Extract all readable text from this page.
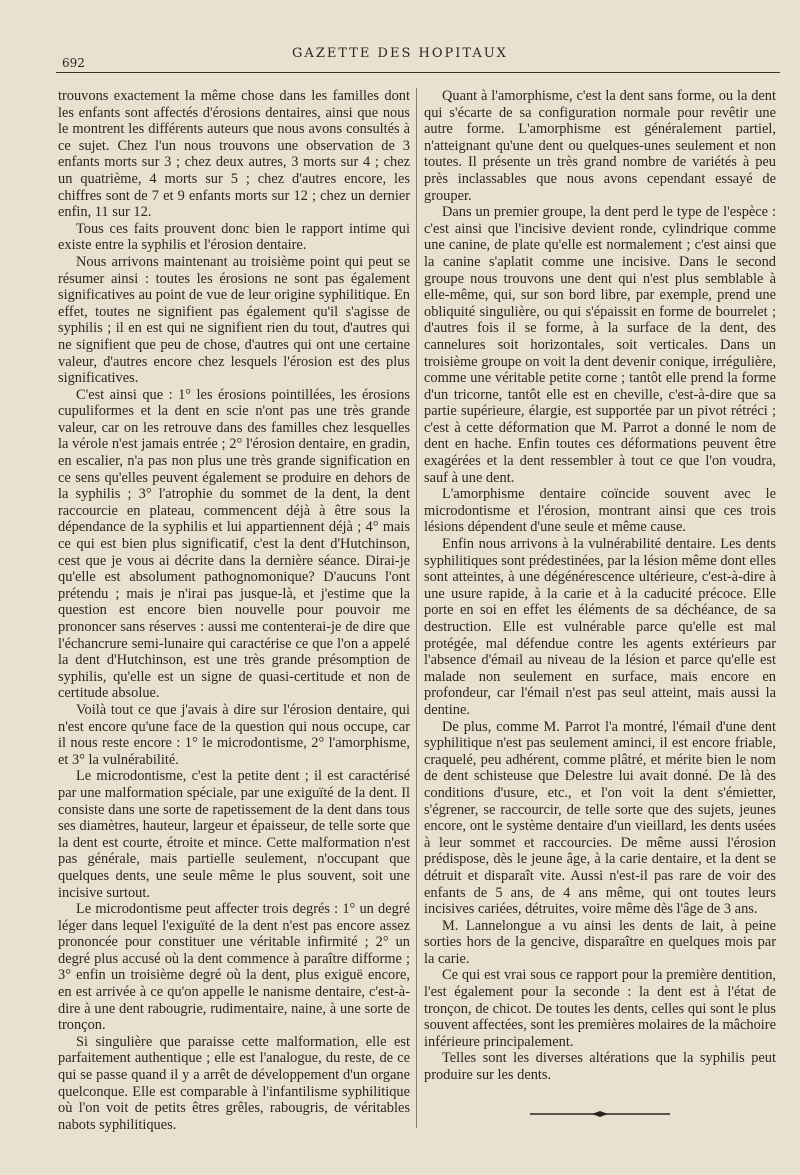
692
GAZETTE DES HOPITAUX

trouvons exactement la même chose dans les familles dont les enfants sont affectés d'érosions dentaires, ainsi que nous le montrent les différents auteurs que nous avons consultés à ce sujet. Chez l'un nous trouvons une observation de 3 enfants morts sur 3 ; chez deux autres, 3 morts sur 4 ; chez un quatrième, 4 morts sur 5 ; chez d'autres encore, les chiffres sont de 7 et 9 enfants morts sur 12 ; chez un dernier enfin, 11 sur 12.

Tous ces faits prouvent donc bien le rapport intime qui existe entre la syphilis et l'érosion dentaire.

Nous arrivons maintenant au troisième point qui peut se résumer ainsi : toutes les érosions ne sont pas également significatives au point de vue de leur origine syphilitique. En effet, toutes ne signifient pas également qu'il s'agisse de syphilis ; il en est qui ne signifient rien du tout, d'autres qui ne signifient que peu de chose, d'autres qui ont une certaine valeur, d'autres encore chez lesquels l'érosion est des plus significatives.

C'est ainsi que : 1° les érosions pointillées, les érosions cupuliformes et la dent en scie n'ont pas une très grande valeur, car on les retrouve dans des familles chez lesquelles la vérole n'est jamais entrée ; 2° l'érosion dentaire, en gradin, en escalier, n'a pas non plus une très grande signification en ce sens qu'elles peuvent également se produire en dehors de la syphilis ; 3° l'atrophie du sommet de la dent, la dent raccourcie en plateau, commencent déjà à être sous la dépendance de la syphilis et lui appartiennent déjà ; 4° mais ce qui est bien plus significatif, c'est la dent d'Hutchinson, cest que je vous ai décrite dans la dernière séance. Dirai-je qu'elle est absolument pathognomonique? D'aucuns l'ont prétendu ; mais je n'irai pas jusque-là, et j'estime que la question est encore bien nouvelle pour pouvoir me prononcer sans réserves : aussi me contenterai-je de dire que l'échancrure semi-lunaire qui caractérise ce que l'on a appelé la dent d'Hutchinson, est une très grande présomption de syphilis, qu'elle est un signe de quasi-certitude et non de certitude absolue.

Voilà tout ce que j'avais à dire sur l'érosion dentaire, qui n'est encore qu'une face de la question qui nous occupe, car il nous reste encore : 1° le microdontisme, 2° l'amorphisme, et 3° la vulnérabilité.

Le microdontisme, c'est la petite dent ; il est caractérisé par une malformation spéciale, par une exiguïté de la dent. Il consiste dans une sorte de rapetissement de la dent dans tous ses diamètres, hauteur, largeur et épaisseur, de telle sorte que la dent est courte, étroite et mince. Cette malformation n'est pas générale, mais partielle seulement, n'occupant que quelques dents, une seule même le plus souvent, soit une incisive surtout.

Le microdontisme peut affecter trois degrés : 1° un degré léger dans lequel l'exiguïté de la dent n'est pas encore assez prononcée pour constituer une véritable infirmité ; 2° un degré plus accusé où la dent commence à paraître difforme ; 3° enfin un troisième degré où la dent, plus exiguë encore, en est arrivée à ce qu'on appelle le nanisme dentaire, c'est-à-dire à une dent rabougrie, rudimentaire, naine, à une sorte de tronçon.

Si singulière que paraisse cette malformation, elle est parfaitement authentique ; elle est l'analogue, du reste, de ce qui se passe quand il y a arrêt de développement d'un organe quelconque. Elle est comparable à l'infantilisme syphilitique où l'on voit de petits êtres grêles, rabougris, de véritables nabots syphilitiques.

Quant à l'amorphisme, c'est la dent sans forme, ou la dent qui s'écarte de sa configuration normale pour revêtir une autre forme. L'amorphisme est généralement partiel, n'atteignant qu'une dent ou quelques-unes seulement et non toutes. Il présente un très grand nombre de variétés à peu près inclassables que nous avons cependant essayé de grouper.

Dans un premier groupe, la dent perd le type de l'espèce : c'est ainsi que l'incisive devient ronde, cylindrique comme une canine, de plate qu'elle est normalement ; c'est ainsi que la canine s'aplatit comme une incisive. Dans le second groupe nous trouvons une dent qui n'est plus semblable à elle-même, qui, sur son bord libre, par exemple, prend une obliquité singulière, ou qui s'épaissit en forme de bourrelet ; d'autres fois il se forme, à la surface de la dent, des cannelures soit horizontales, soit verticales. Dans un troisième groupe on voit la dent devenir conique, irrégulière, comme une véritable petite corne ; tantôt elle prend la forme d'un tricorne, tantôt elle est en cheville, c'est-à-dire que sa partie supérieure, élargie, est supportée par un pivot rétréci ; c'est à cette déformation que M. Parrot a donné le nom de dent en hache. Enfin toutes ces déformations peuvent être exagérées et la dent ressembler à tout ce que l'on voudra, sauf à une dent.

L'amorphisme dentaire coïncide souvent avec le microdontisme et l'érosion, montrant ainsi que ces trois lésions dépendent d'une seule et même cause.

Enfin nous arrivons à la vulnérabilité dentaire. Les dents syphilitiques sont prédestinées, par la lésion même dont elles sont atteintes, à une dégénérescence ultérieure, c'est-à-dire à une usure rapide, à la carie et à la caducité précoce. Elle porte en soi en effet les éléments de sa déchéance, de sa destruction. Elle est vulnérable parce qu'elle est mal protégée, mal défendue contre les agents extérieurs par l'absence d'émail au niveau de la lésion et parce qu'elle est malade non seulement en surface, mais encore en profondeur, car l'émail n'est pas seul atteint, mais aussi la dentine.

De plus, comme M. Parrot l'a montré, l'émail d'une dent syphilitique n'est pas seulement aminci, il est encore friable, craquelé, peu adhérent, comme plâtré, et mérite bien le nom de dent schisteuse que Delestre lui avait donné. De là des conditions d'usure, etc., et l'on voit la dent s'émietter, s'égrener, se raccourcir, de telle sorte que des sujets, jeunes encore, ont le système dentaire d'un vieillard, les dents usées à leur sommet et raccourcies. De même aussi l'érosion prédispose, dès le jeune âge, à la carie dentaire, et la dent se détruit et disparaît vite. Aussi n'est-il pas rare de voir des enfants de 5 ans, de 4 ans même, qui ont toutes leurs incisives cariées, détruites, voire même dès l'âge de 3 ans.

M. Lannelongue a vu ainsi les dents de lait, à peine sorties hors de la gencive, disparaître en quelques mois par la carie.

Ce qui est vrai sous ce rapport pour la première dentition, l'est également pour la seconde : la dent est à l'état de tronçon, de chicot. De toutes les dents, celles qui sont le plus souvent affectées, sont les premières molaires de la mâchoire inférieure principalement.

Telles sont les diverses altérations que la syphilis peut produire sur les dents.
